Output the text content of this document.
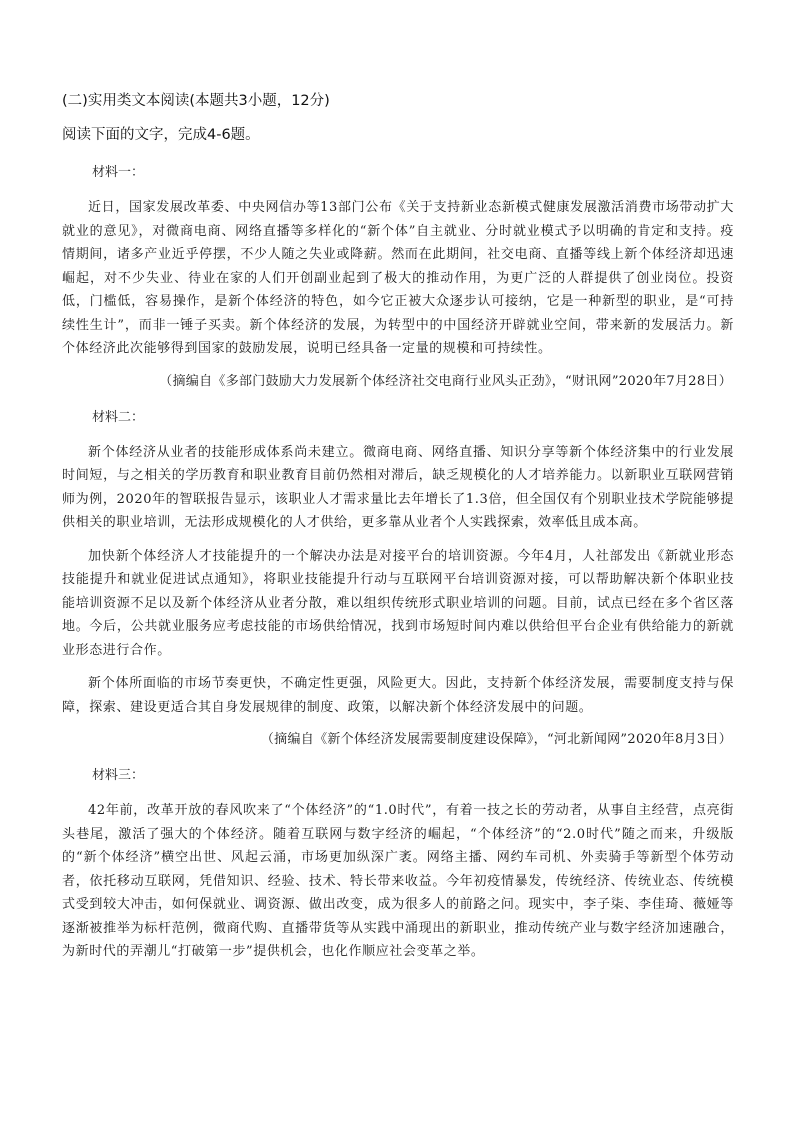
(二)实用类文本阅读(本题共3小题，12分)
阅读下面的文字，完成4-6题。
材料一：

近日，国家发展改革委、中央网信办等13部门公布《关于支持新业态新模式健康发展激活消费市场带动扩大就业的意见》，对微商电商、网络直播等多样化的“新个体”自主就业、分时就业模式予以明确的肯定和支持。疫情期间，诸多产业近乎停摆，不少人随之失业或降薪。然而在此期间，社交电商、直播等线上新个体经济却迅速崛起，对不少失业、待业在家的人们开创副业起到了极大的推动作用，为更广泛的人群提供了创业岗位。投资低，门槛低，容易操作，是新个体经济的特色，如今它正被大众逐步认可接纳，它是一种新型的职业，是“可持续性生计”，而非一锤子买卖。新个体经济的发展，为转型中的中国经济开辟就业空间，带来新的发展活力。新个体经济此次能够得到国家的鼓励发展，说明已经具备一定量的规模和可持续性。

（摘编自《多部门鼓励大力发展新个体经济社交电商行业风头正劲》，“财讯网”2020年7月28日）
材料二：

新个体经济从业者的技能形成体系尚未建立。微商电商、网络直播、知识分享等新个体经济集中的行业发展时间短，与之相关的学历教育和职业教育目前仍然相对滞后，缺乏规模化的人才培养能力。以新职业互联网营销师为例，2020年的智联报告显示，该职业人才需求量比去年增长了1.3倍，但全国仅有个别职业技术学院能够提供相关的职业培训，无法形成规模化的人才供给，更多靠从业者个人实践探索，效率低且成本高。

加快新个体经济人才技能提升的一个解决办法是对接平台的培训资源。今年4月，人社部发出《新就业形态技能提升和就业促进试点通知》，将职业技能提升行动与互联网平台培训资源对接，可以帮助解决新个体职业技能培训资源不足以及新个体经济从业者分散，难以组织传统形式职业培训的问题。目前，试点已经在多个省区落地。今后，公共就业服务应考虑技能的市场供给情况，找到市场短时间内难以供给但平台企业有供给能力的新就业形态进行合作。

新个体所面临的市场节奏更快，不确定性更强，风险更大。因此，支持新个体经济发展，需要制度支持与保障，探索、建设更适合其自身发展规律的制度、政策，以解决新个体经济发展中的问题。

（摘编自《新个体经济发展需要制度建设保障》，“河北新闻网”2020年8月3日）
材料三：

42年前，改革开放的春风吹来了“个体经济”的“1.0时代”，有着一技之长的劳动者，从事自主经营，点亮街头巷尾，激活了强大的个体经济。随着互联网与数字经济的崛起，“个体经济”的“2.0时代”随之而来，升级版的“新个体经济”横空出世、风起云涌，市场更加纵深广袤。网络主播、网约车司机、外卖骑手等新型个体劳动者，依托移动互联网，凭借知识、经验、技术、特长带来收益。今年初疫情暴发，传统经济、传统业态、传统模式受到较大冲击，如何保就业、调资源、做出改变，成为很多人的前路之问。现实中，李子柒、李佳琦、薇娅等逐渐被推举为标杆范例，微商代购、直播带货等从实践中涌现出的新职业，推动传统产业与数字经济加速融合，为新时代的弄潮儿“打破第一步”提供机会，也化作顺应社会变革之举。
